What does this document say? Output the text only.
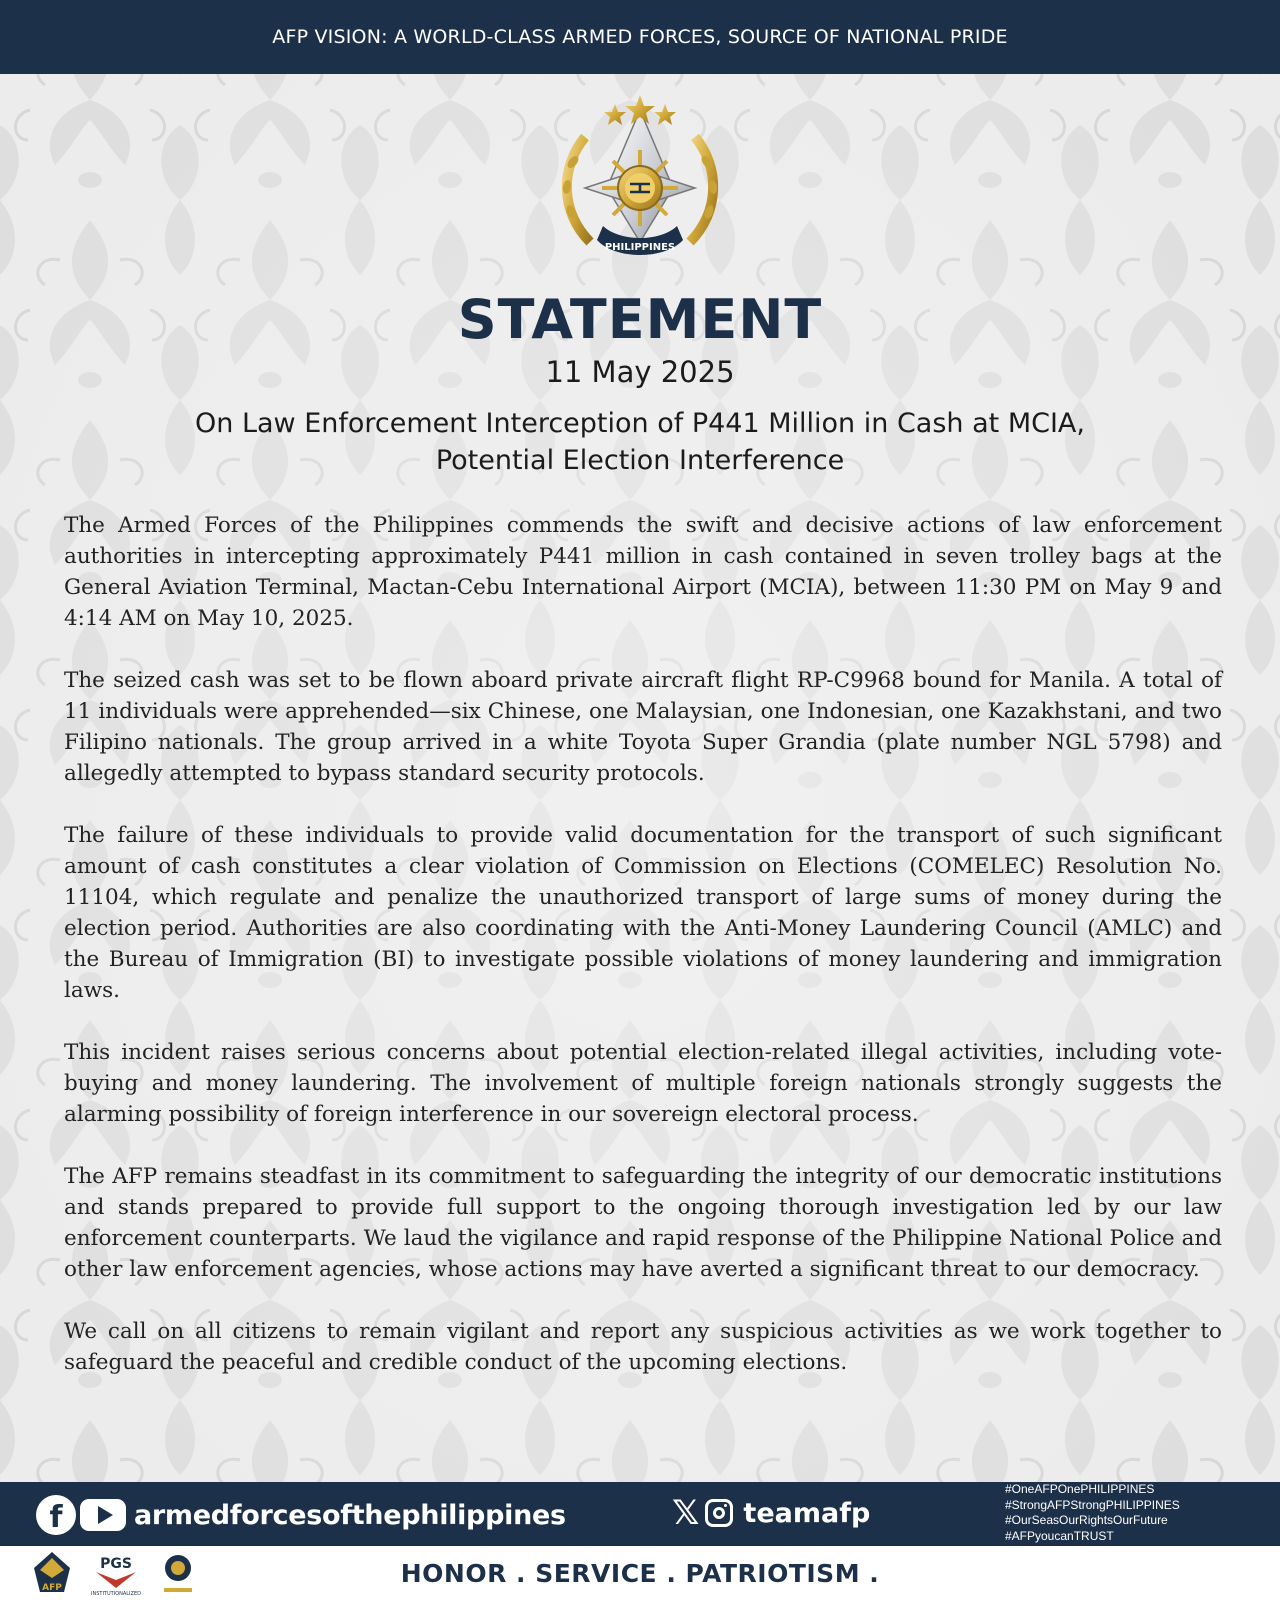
AFP VISION: A WORLD-CLASS ARMED FORCES, SOURCE OF NATIONAL PRIDE
PHILIPPINES
STATEMENT
11 May 2025
On Law Enforcement Interception of P441 Million in Cash at MCIA,
Potential Election Interference

The Armed Forces of the Philippines commends the swift and decisive actions of law enforcement authorities in intercepting approximately P441 million in cash contained in seven trolley bags at the General Aviation Terminal, Mactan-Cebu International Airport (MCIA), between 11:30 PM on May 9 and 4:14 AM on May 10, 2025.

The seized cash was set to be flown aboard private aircraft flight RP-C9968 bound for Manila. A total of 11 individuals were apprehended—six Chinese, one Malaysian, one Indonesian, one Kazakhstani, and two Filipino nationals. The group arrived in a white Toyota Super Grandia (plate number NGL 5798) and allegedly attempted to bypass standard security protocols.

The failure of these individuals to provide valid documentation for the transport of such significant amount of cash constitutes a clear violation of Commission on Elections (COMELEC) Resolution No. 11104, which regulate and penalize the unauthorized transport of large sums of money during the election period. Authorities are also coordinating with the Anti-Money Laundering Council (AMLC) and the Bureau of Immigration (BI) to investigate possible violations of money laundering and immigration laws.

This incident raises serious concerns about potential election-related illegal activities, including vote-buying and money laundering. The involvement of multiple foreign nationals strongly suggests the alarming possibility of foreign interference in our sovereign electoral process.

The AFP remains steadfast in its commitment to safeguarding the integrity of our democratic institutions and stands prepared to provide full support to the ongoing thorough investigation led by our law enforcement counterparts. We laud the vigilance and rapid response of the Philippine National Police and other law enforcement agencies, whose actions may have averted a significant threat to our democracy.

We call on all citizens to remain vigilant and report any suspicious activities as we work together to safeguard the peaceful and credible conduct of the upcoming elections.

f	armedforcesofthephilippines	𝕏 teamafp
#OneAFPOnePHILIPPINES
#StrongAFPStrongPHILIPPINES
#OurSeasOurRightsOurFuture
#AFPyoucanTRUST
AFP
PGS
INSTITUTIONALIZED
HONOR . SERVICE . PATRIOTISM .
